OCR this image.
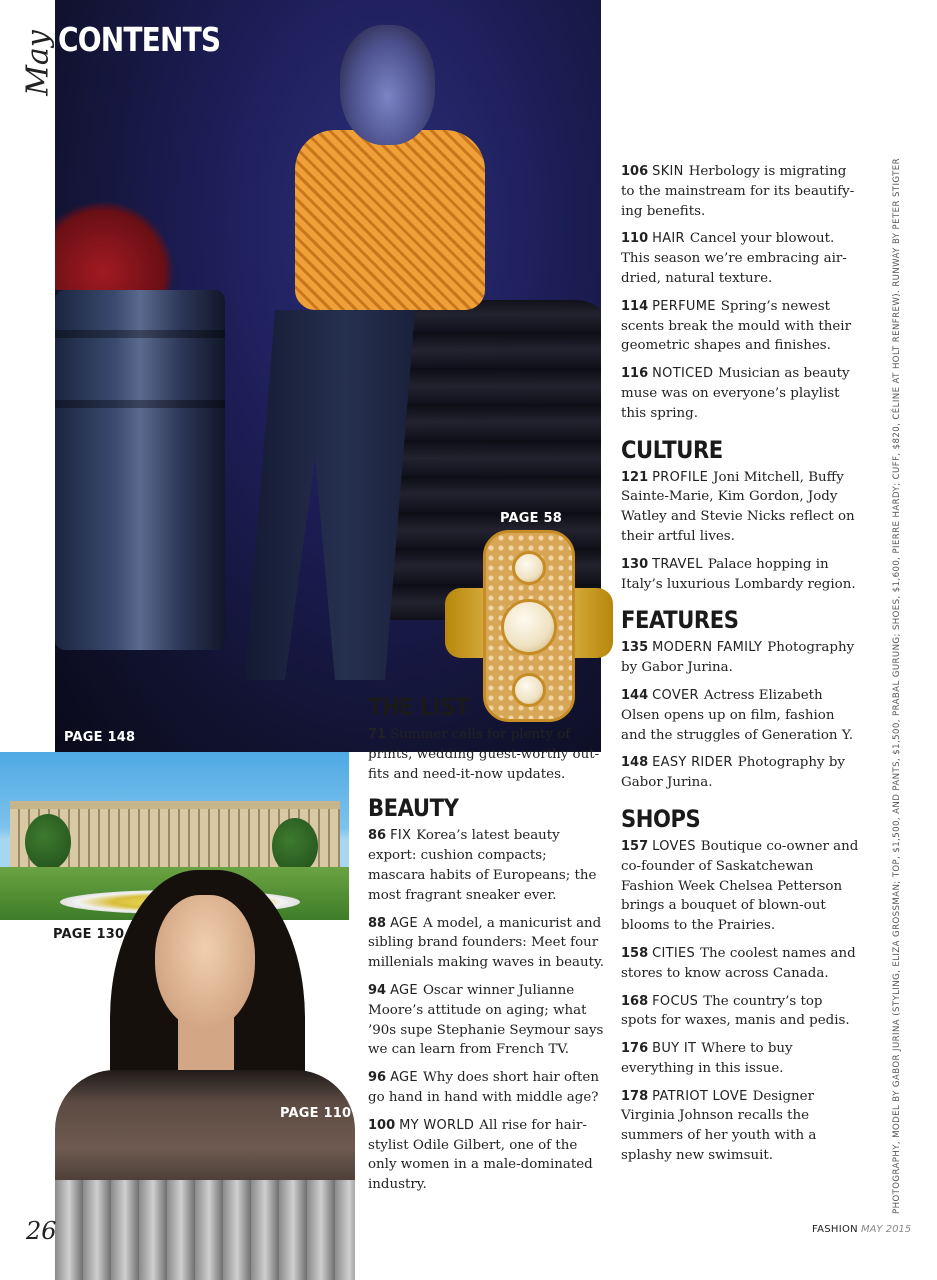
May CONTENTS
PAGE 58
PAGE 148
PAGE 130
PAGE 110
THE LIST

71 Summer calls for plenty of prints, wedding guest-worthy out-fits and need-it-now updates.

BEAUTY

86 FIX Korea’s latest beauty export: cushion compacts; mascara habits of Europeans; the most fragrant sneaker ever.

88 AGE A model, a manicurist and sibling brand founders: Meet four millenials making waves in beauty.

94 AGE Oscar winner Julianne Moore’s attitude on aging; what ’90s supe Stephanie Seymour says we can learn from French TV.

96 AGE Why does short hair often go hand in hand with middle age?

100 MY WORLD All rise for hair-stylist Odile Gilbert, one of the only women in a male-dominated industry.

106 SKIN Herbology is migrating to the mainstream for its beautify-ing benefits.

110 HAIR Cancel your blowout. This season we’re embracing air-dried, natural texture.

114 PERFUME Spring’s newest scents break the mould with their geometric shapes and finishes.

116 NOTICED Musician as beauty muse was on everyone’s playlist this spring.

CULTURE

121 PROFILE Joni Mitchell, Buffy Sainte-Marie, Kim Gordon, Jody Watley and Stevie Nicks reflect on their artful lives.

130 TRAVEL Palace hopping in Italy’s luxurious Lombardy region.

FEATURES

135 MODERN FAMILY Photography by Gabor Jurina.

144 COVER Actress Elizabeth Olsen opens up on film, fashion and the struggles of Generation Y.

148 EASY RIDER Photography by Gabor Jurina.

SHOPS

157 LOVES Boutique co-owner and co-founder of Saskatchewan Fashion Week Chelsea Petterson brings a bouquet of blown-out blooms to the Prairies.

158 CITIES The coolest names and stores to know across Canada.

168 FOCUS The country’s top spots for waxes, manis and pedis.

176 BUY IT Where to buy everything in this issue.

178 PATRIOT LOVE Designer Virginia Johnson recalls the summers of her youth with a splashy new swimsuit.	PHOTOGRAPHY, MODEL BY GABOR JURINA (STYLING, ELIZA GROSSMAN; TOP, $1,500, AND PANTS, $1,500, PRABAL GURUNG; SHOES, $1,600, PIERRE HARDY; CUFF, $820, CÉLINE AT HOLT RENFREW). RUNWAY BY PETER STIGTER
26	FASHION MAY 2015
